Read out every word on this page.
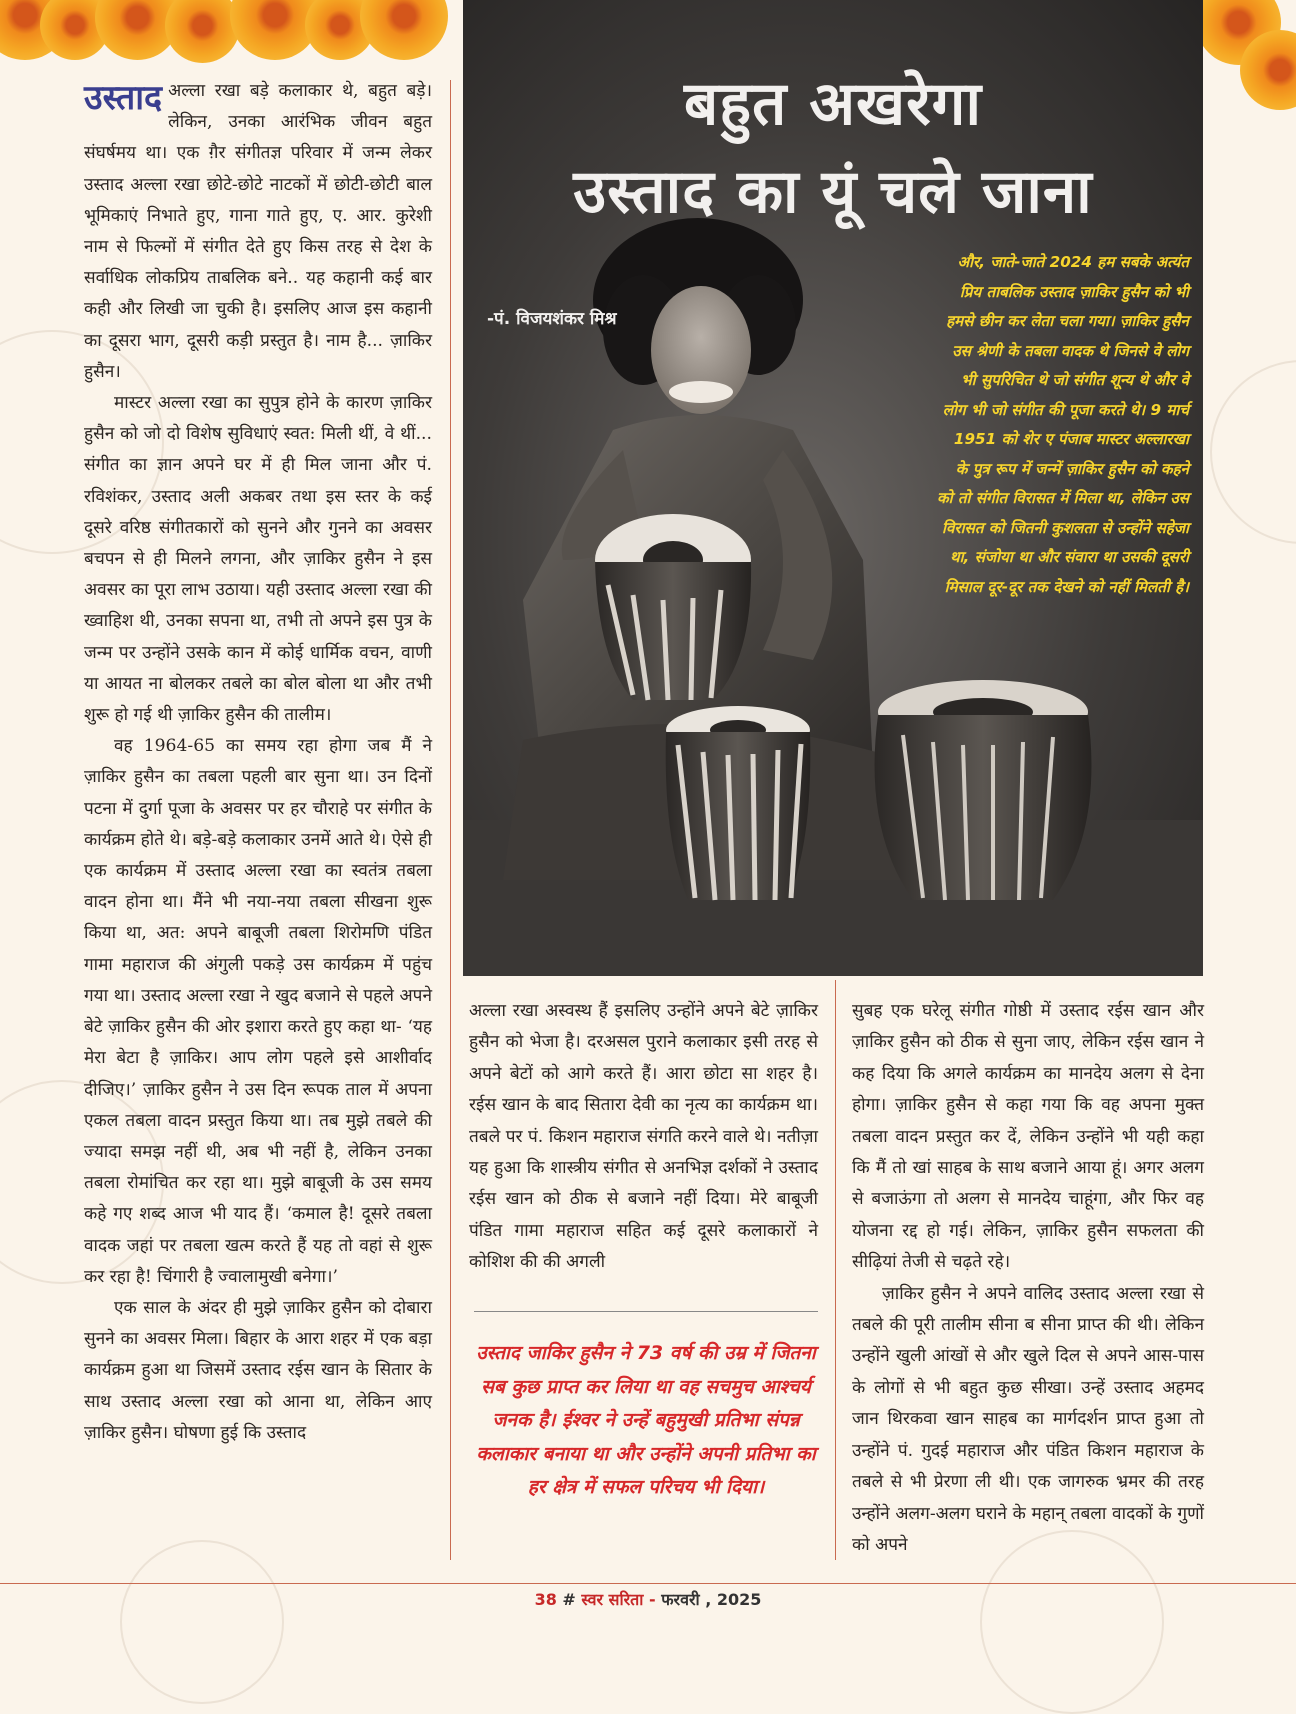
उस्ताद अल्ला रखा बड़े कलाकार थे, बहुत बड़े। लेकिन, उनका आरंभिक जीवन बहुत संघर्षमय था। एक ग़ैर संगीतज्ञ परिवार में जन्म लेकर उस्ताद अल्ला रखा छोटे-छोटे नाटकों में छोटी-छोटी बाल भूमिकाएं निभाते हुए, गाना गाते हुए, ए. आर. कुरेशी नाम से फिल्मों में संगीत देते हुए किस तरह से देश के सर्वाधिक लोकप्रिय ताबलिक बने.. यह कहानी कई बार कही और लिखी जा चुकी है। इसलिए आज इस कहानी का दूसरा भाग, दूसरी कड़ी प्रस्तुत है। नाम है... ज़ाकिर हुसैन।

मास्टर अल्ला रखा का सुपुत्र होने के कारण ज़ाकिर हुसैन को जो दो विशेष सुविधाएं स्वत: मिली थीं, वे थीं... संगीत का ज्ञान अपने घर में ही मिल जाना और पं. रविशंकर, उस्ताद अली अकबर तथा इस स्तर के कई दूसरे वरिष्ठ संगीतकारों को सुनने और गुनने का अवसर बचपन से ही मिलने लगना, और ज़ाकिर हुसैन ने इस अवसर का पूरा लाभ उठाया। यही उस्ताद अल्ला रखा की ख्वाहिश थी, उनका सपना था, तभी तो अपने इस पुत्र के जन्म पर उन्होंने उसके कान में कोई धार्मिक वचन, वाणी या आयत ना बोलकर तबले का बोल बोला था और तभी शुरू हो गई थी ज़ाकिर हुसैन की तालीम।

वह 1964-65 का समय रहा होगा जब मैं ने ज़ाकिर हुसैन का तबला पहली बार सुना था। उन दिनों पटना में दुर्गा पूजा के अवसर पर हर चौराहे पर संगीत के कार्यक्रम होते थे। बड़े-बड़े कलाकार उनमें आते थे। ऐसे ही एक कार्यक्रम में उस्ताद अल्ला रखा का स्वतंत्र तबला वादन होना था। मैंने भी नया-नया तबला सीखना शुरू किया था, अत: अपने बाबूजी तबला शिरोमणि पंडित गामा महाराज की अंगुली पकड़े उस कार्यक्रम में पहुंच गया था। उस्ताद अल्ला रखा ने खुद बजाने से पहले अपने बेटे ज़ाकिर हुसैन की ओर इशारा करते हुए कहा था- ‘यह मेरा बेटा है ज़ाकिर। आप लोग पहले इसे आशीर्वाद दीजिए।’ ज़ाकिर हुसैन ने उस दिन रूपक ताल में अपना एकल तबला वादन प्रस्तुत किया था। तब मुझे तबले की ज्यादा समझ नहीं थी, अब भी नहीं है, लेकिन उनका तबला रोमांचित कर रहा था। मुझे बाबूजी के उस समय कहे गए शब्द आज भी याद हैं। ‘कमाल है! दूसरे तबला वादक जहां पर तबला खत्म करते हैं यह तो वहां से शुरू कर रहा है! चिंगारी है ज्वालामुखी बनेगा।’

एक साल के अंदर ही मुझे ज़ाकिर हुसैन को दोबारा सुनने का अवसर मिला। बिहार के आरा शहर में एक बड़ा कार्यक्रम हुआ था जिसमें उस्ताद रईस खान के सितार के साथ उस्ताद अल्ला रखा को आना था, लेकिन आए ज़ाकिर हुसैन। घोषणा हुई कि उस्ताद

बहुत अखरेगा
उस्ताद का यूं चले जाना
-पं. विजयशंकर मिश्र
और, जाते-जाते 2024 हम सबके अत्यंत प्रिय ताबलिक उस्ताद ज़ाकिर हुसैन को भी हमसे छीन कर लेता चला गया। ज़ाकिर हुसैन उस श्रेणी के तबला वादक थे जिनसे वे लोग भी सुपरिचित थे जो संगीत शून्य थे और वे लोग भी जो संगीत की पूजा करते थे। 9 मार्च 1951 को शेर ए पंजाब मास्टर अल्लारखा के पुत्र रूप में जन्में ज़ाकिर हुसैन को कहने को तो संगीत विरासत में मिला था, लेकिन उस विरासत को जितनी कुशलता से उन्होंने सहेजा था, संजोया था और संवारा था उसकी दूसरी मिसाल दूर-दूर तक देखने को नहीं मिलती है।

अल्ला रखा अस्वस्थ हैं इसलिए उन्होंने अपने बेटे ज़ाकिर हुसैन को भेजा है। दरअसल पुराने कलाकार इसी तरह से अपने बेटों को आगे करते हैं। आरा छोटा सा शहर है। रईस खान के बाद सितारा देवी का नृत्य का कार्यक्रम था। तबले पर पं. किशन महाराज संगति करने वाले थे। नतीज़ा यह हुआ कि शास्त्रीय संगीत से अनभिज्ञ दर्शकों ने उस्ताद रईस खान को ठीक से बजाने नहीं दिया। मेरे बाबूजी पंडित गामा महाराज सहित कई दूसरे कलाकारों ने कोशिश की की अगली

उस्ताद जाकिर हुसैन ने 73 वर्ष की उम्र में जितना सब कुछ प्राप्त कर लिया था वह सचमुच आश्चर्य जनक है। ईश्वर ने उन्हें बहुमुखी प्रतिभा संपन्न कलाकार बनाया था और उन्होंने अपनी प्रतिभा का हर क्षेत्र में सफल परिचय भी दिया।

सुबह एक घरेलू संगीत गोष्ठी में उस्ताद रईस खान और ज़ाकिर हुसैन को ठीक से सुना जाए, लेकिन रईस खान ने कह दिया कि अगले कार्यक्रम का मानदेय अलग से देना होगा। ज़ाकिर हुसैन से कहा गया कि वह अपना मुक्त तबला वादन प्रस्तुत कर दें, लेकिन उन्होंने भी यही कहा कि मैं तो खां साहब के साथ बजाने आया हूं। अगर अलग से बजाऊंगा तो अलग से मानदेय चाहूंगा, और फिर वह योजना रद्द हो गई। लेकिन, ज़ाकिर हुसैन सफलता की सीढ़ियां तेजी से चढ़ते रहे।

ज़ाकिर हुसैन ने अपने वालिद उस्ताद अल्ला रखा से तबले की पूरी तालीम सीना ब सीना प्राप्त की थी। लेकिन उन्होंने खुली आंखों से और खुले दिल से अपने आस-पास के लोगों से भी बहुत कुछ सीखा। उन्हें उस्ताद अहमद जान थिरकवा खान साहब का मार्गदर्शन प्राप्त हुआ तो उन्होंने पं. गुदई महाराज और पंडित किशन महाराज के तबले से भी प्रेरणा ली थी। एक जागरुक भ्रमर की तरह उन्होंने अलग-अलग घराने के महान् तबला वादकों के गुणों को अपने

38 # स्वर सरिता - फरवरी , 2025
